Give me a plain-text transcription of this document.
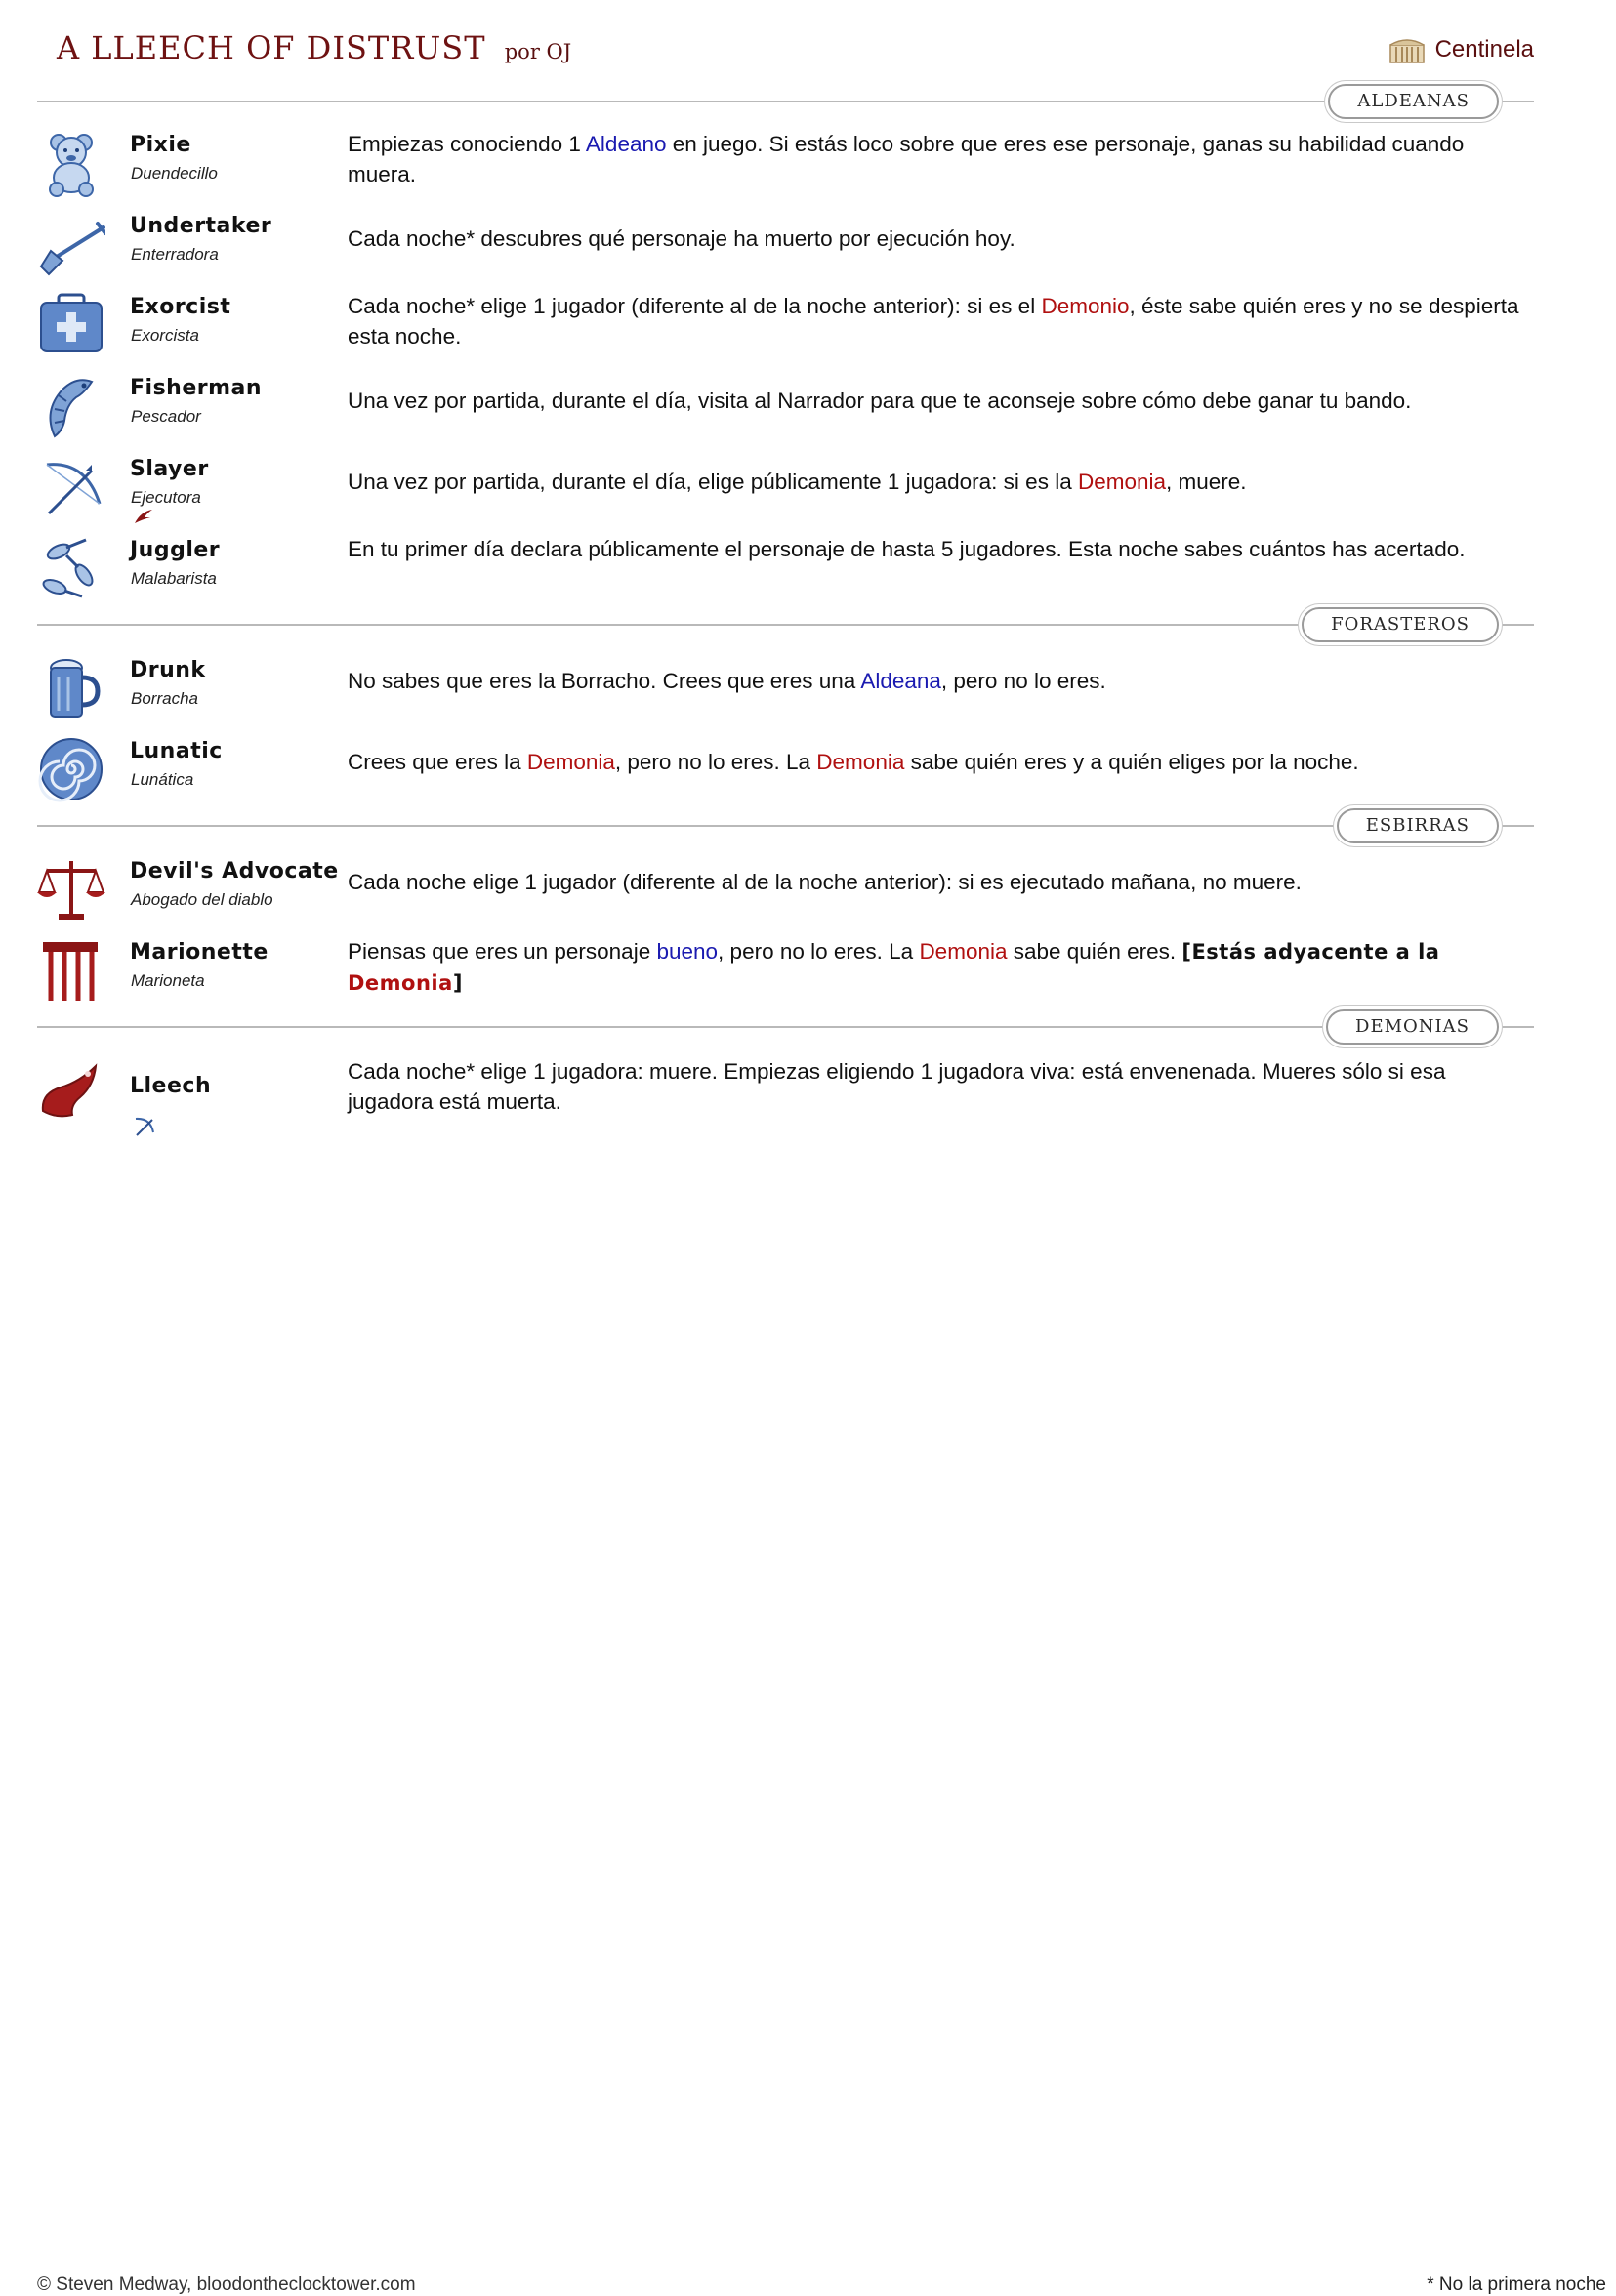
A LLEECH OF DISTRUST por OJ	Centinela
ALDEANAS
Pixie
Duendecillo
Empiezas conociendo 1 Aldeano en juego. Si estás loco sobre que eres ese personaje, ganas su habilidad cuando muera.
Undertaker
Enterradora
Cada noche* descubres qué personaje ha muerto por ejecución hoy.
Exorcist
Exorcista
Cada noche* elige 1 jugador (diferente al de la noche anterior): si es el Demonio, éste sabe quién eres y no se despierta esta noche.
Fisherman
Pescador
Una vez por partida, durante el día, visita al Narrador para que te aconseje sobre cómo debe ganar tu bando.
Slayer
Ejecutora
Una vez por partida, durante el día, elige públicamente 1 jugadora: si es la Demonia, muere.
Juggler
Malabarista
En tu primer día declara públicamente el personaje de hasta 5 jugadores. Esta noche sabes cuántos has acertado.
FORASTEROS
Drunk
Borracha
No sabes que eres la Borracho. Crees que eres una Aldeana, pero no lo eres.
Lunatic
Lunática
Crees que eres la Demonia, pero no lo eres. La Demonia sabe quién eres y a quién eliges por la noche.
ESBIRRAS
Devil's Advocate
Abogado del diablo
Cada noche elige 1 jugador (diferente al de la noche anterior): si es ejecutado mañana, no muere.
Marionette
Marioneta
Piensas que eres un personaje bueno, pero no lo eres. La Demonia sabe quién eres. [Estás adyacente a la Demonia]
DEMONIAS
Lleech
Cada noche* elige 1 jugadora: muere. Empiezas eligiendo 1 jugadora viva: está envenenada. Mueres sólo si esa jugadora está muerta.
© Steven Medway, bloodontheclocktower.com	* No la primera noche
